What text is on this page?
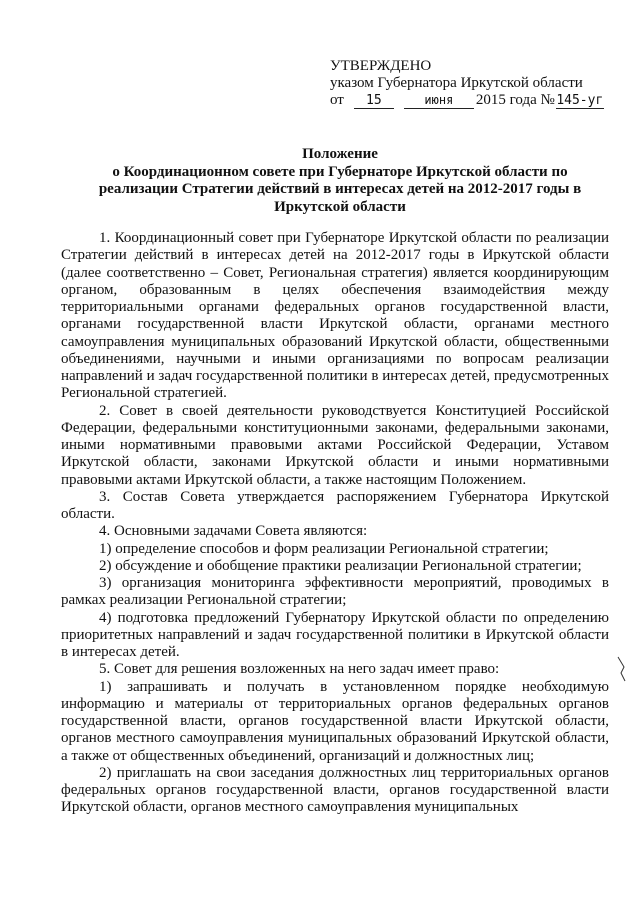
УТВЕРЖДЕНО
указом Губернатора Иркутской области
от	15	июня	2015 года № 145-уг
Положение
о Координационном совете при Губернаторе Иркутской области по
реализации Стратегии действий в интересах детей на 2012-2017 годы в
Иркутской области

1. Координационный совет при Губернаторе Иркутской области по реализации Стратегии действий в интересах детей на 2012-2017 годы в Иркутской области (далее соответственно – Совет, Региональная стратегия) является координирующим органом, образованным в целях обеспечения взаимодействия между территориальными органами федеральных органов государственной власти, органами государственной власти Иркутской области, органами местного самоуправления муниципальных образований Иркутской области, общественными объединениями, научными и иными организациями по вопросам реализации направлений и задач государственной политики в интересах детей, предусмотренных Региональной стратегией.

2. Совет в своей деятельности руководствуется Конституцией Российской Федерации, федеральными конституционными законами, федеральными законами, иными нормативными правовыми актами Российской Федерации, Уставом Иркутской области, законами Иркутской области и иными нормативными правовыми актами Иркутской области, а также настоящим Положением.

3. Состав Совета утверждается распоряжением Губернатора Иркутской области.

4. Основными задачами Совета являются:

1) определение способов и форм реализации Региональной стратегии;

2) обсуждение и обобщение практики реализации Региональной стратегии;

3) организация мониторинга эффективности мероприятий, проводимых в рамках реализации Региональной стратегии;

4) подготовка предложений Губернатору Иркутской области по определению приоритетных направлений и задач государственной политики в Иркутской области в интересах детей.

5. Совет для решения возложенных на него задач имеет право:

1) запрашивать и получать в установленном порядке необходимую информацию и материалы от территориальных органов федеральных органов государственной власти, органов государственной власти Иркутской области, органов местного самоуправления муниципальных образований Иркутской области, а также от общественных объединений, организаций и должностных лиц;

2) приглашать на свои заседания должностных лиц территориальных органов федеральных органов государственной власти, органов государственной власти Иркутской области, органов местного самоуправления муниципальных
